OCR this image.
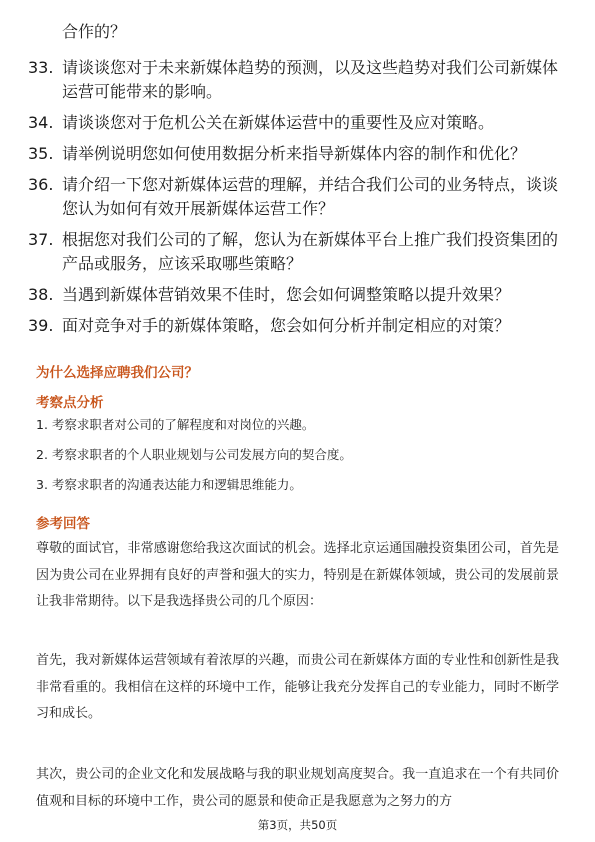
合作的？
33. 请谈谈您对于未来新媒体趋势的预测，以及这些趋势对我们公司新媒体运营可能带来的影响。
34. 请谈谈您对于危机公关在新媒体运营中的重要性及应对策略。
35. 请举例说明您如何使用数据分析来指导新媒体内容的制作和优化？
36. 请介绍一下您对新媒体运营的理解，并结合我们公司的业务特点，谈谈您认为如何有效开展新媒体运营工作？
37. 根据您对我们公司的了解，您认为在新媒体平台上推广我们投资集团的产品或服务，应该采取哪些策略？
38. 当遇到新媒体营销效果不佳时，您会如何调整策略以提升效果？
39. 面对竞争对手的新媒体策略，您会如何分析并制定相应的对策？
为什么选择应聘我们公司？
考察点分析
1. 考察求职者对公司的了解程度和对岗位的兴趣。
2. 考察求职者的个人职业规划与公司发展方向的契合度。
3. 考察求职者的沟通表达能力和逻辑思维能力。
参考回答
尊敬的面试官，非常感谢您给我这次面试的机会。选择北京运通国融投资集团公司，首先是因为贵公司在业界拥有良好的声誉和强大的实力，特别是在新媒体领域，贵公司的发展前景让我非常期待。以下是我选择贵公司的几个原因：
首先，我对新媒体运营领域有着浓厚的兴趣，而贵公司在新媒体方面的专业性和创新性是我非常看重的。我相信在这样的环境中工作，能够让我充分发挥自己的专业能力，同时不断学习和成长。
其次，贵公司的企业文化和发展战略与我的职业规划高度契合。我一直追求在一个有共同价值观和目标的环境中工作，贵公司的愿景和使命正是我愿意为之努力的方
第3页，共50页
